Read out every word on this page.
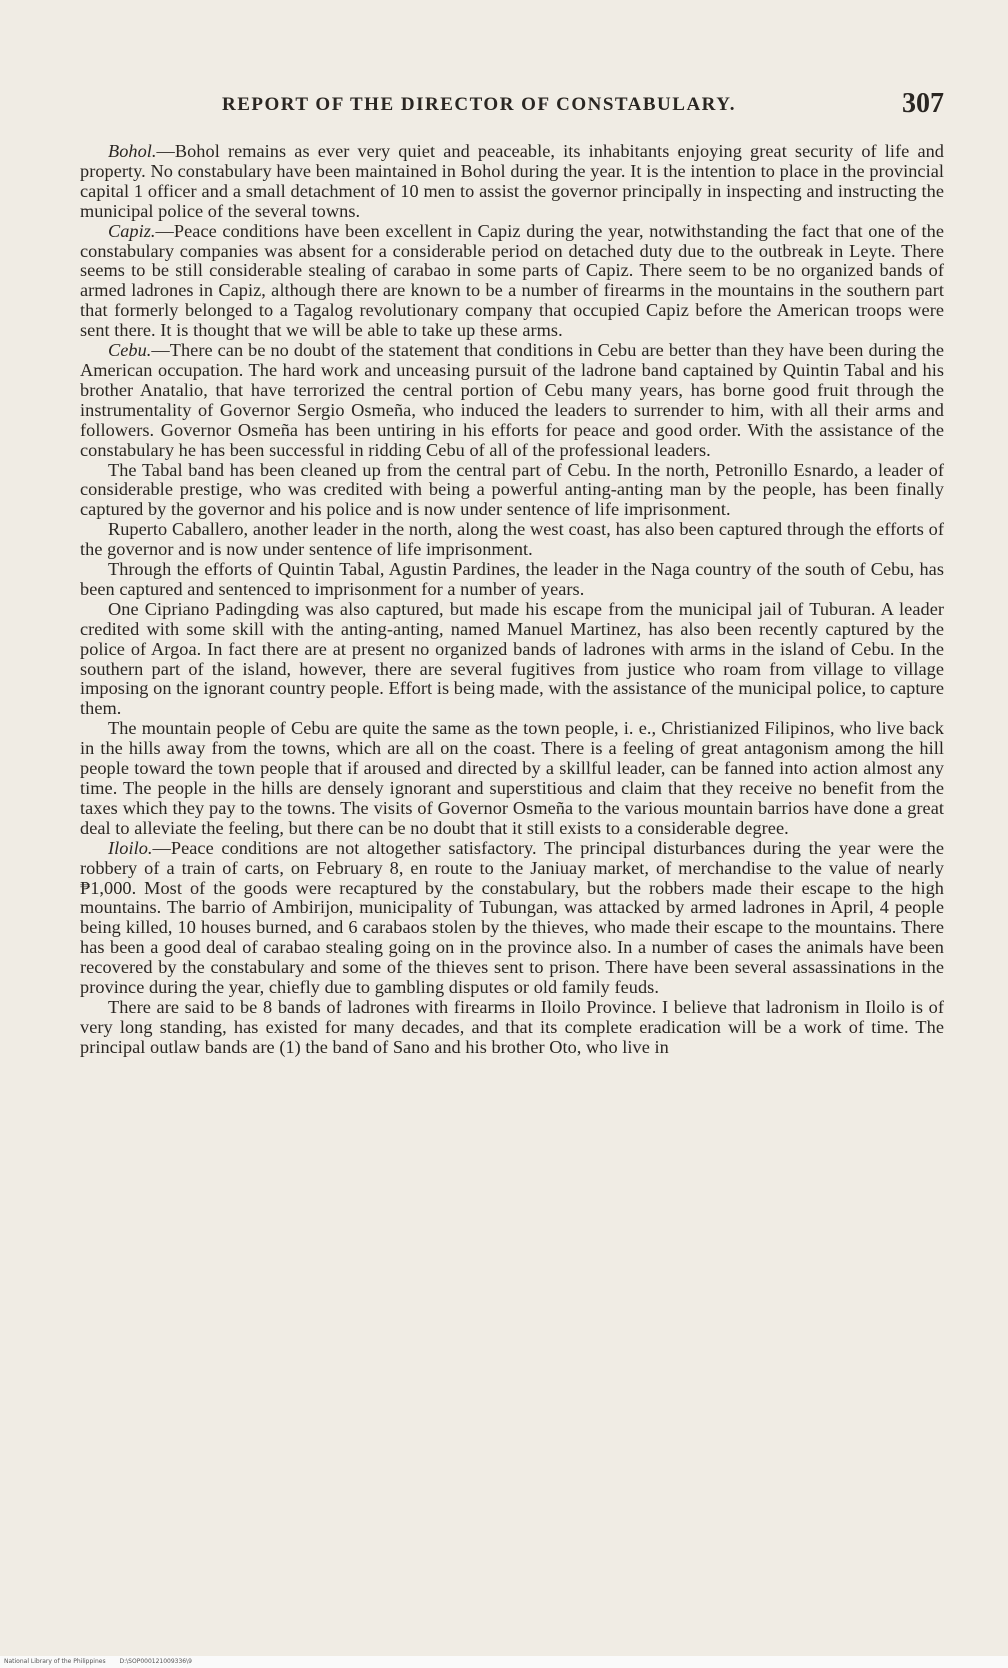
REPORT OF THE DIRECTOR OF CONSTABULARY.	307

Bohol.—Bohol remains as ever very quiet and peaceable, its inhabitants enjoying great security of life and property. No constabulary have been maintained in Bohol during the year. It is the intention to place in the provincial capital 1 officer and a small detachment of 10 men to assist the governor principally in inspecting and instructing the municipal police of the several towns.

Capiz.—Peace conditions have been excellent in Capiz during the year, notwithstanding the fact that one of the constabulary companies was absent for a considerable period on detached duty due to the outbreak in Leyte. There seems to be still considerable stealing of carabao in some parts of Capiz. There seem to be no organized bands of armed ladrones in Capiz, although there are known to be a number of firearms in the mountains in the southern part that formerly belonged to a Tagalog revolutionary company that occupied Capiz before the American troops were sent there. It is thought that we will be able to take up these arms.

Cebu.—There can be no doubt of the statement that conditions in Cebu are better than they have been during the American occupation. The hard work and unceasing pursuit of the ladrone band captained by Quintin Tabal and his brother Anatalio, that have terrorized the central portion of Cebu many years, has borne good fruit through the instrumentality of Governor Sergio Osmeña, who induced the leaders to surrender to him, with all their arms and followers. Governor Osmeña has been untiring in his efforts for peace and good order. With the assistance of the constabulary he has been successful in ridding Cebu of all of the professional leaders.

The Tabal band has been cleaned up from the central part of Cebu. In the north, Petronillo Esnardo, a leader of considerable prestige, who was credited with being a powerful anting-anting man by the people, has been finally captured by the governor and his police and is now under sentence of life imprisonment.

Ruperto Caballero, another leader in the north, along the west coast, has also been captured through the efforts of the governor and is now under sentence of life imprisonment.

Through the efforts of Quintin Tabal, Agustin Pardines, the leader in the Naga country of the south of Cebu, has been captured and sentenced to imprisonment for a number of years.

One Cipriano Padingding was also captured, but made his escape from the municipal jail of Tuburan. A leader credited with some skill with the anting-anting, named Manuel Martinez, has also been recently captured by the police of Argoa. In fact there are at present no organized bands of ladrones with arms in the island of Cebu. In the southern part of the island, however, there are several fugitives from justice who roam from village to village imposing on the ignorant country people. Effort is being made, with the assistance of the municipal police, to capture them.

The mountain people of Cebu are quite the same as the town people, i. e., Christianized Filipinos, who live back in the hills away from the towns, which are all on the coast. There is a feeling of great antagonism among the hill people toward the town people that if aroused and directed by a skillful leader, can be fanned into action almost any time. The people in the hills are densely ignorant and superstitious and claim that they receive no benefit from the taxes which they pay to the towns. The visits of Governor Osmeña to the various mountain barrios have done a great deal to alleviate the feeling, but there can be no doubt that it still exists to a considerable degree.

Iloilo.—Peace conditions are not altogether satisfactory. The principal disturbances during the year were the robbery of a train of carts, on February 8, en route to the Janiuay market, of merchandise to the value of nearly ₱1,000. Most of the goods were recaptured by the constabulary, but the robbers made their escape to the high mountains. The barrio of Ambirijon, municipality of Tubungan, was attacked by armed ladrones in April, 4 people being killed, 10 houses burned, and 6 carabaos stolen by the thieves, who made their escape to the mountains. There has been a good deal of carabao stealing going on in the province also. In a number of cases the animals have been recovered by the constabulary and some of the thieves sent to prison. There have been several assassinations in the province during the year, chiefly due to gambling disputes or old family feuds.

There are said to be 8 bands of ladrones with firearms in Iloilo Province. I believe that ladronism in Iloilo is of very long standing, has existed for many decades, and that its complete eradication will be a work of time. The principal outlaw bands are (1) the band of Sano and his brother Oto, who live in

National Library of the Philippines D:\SOP000121009336\9
